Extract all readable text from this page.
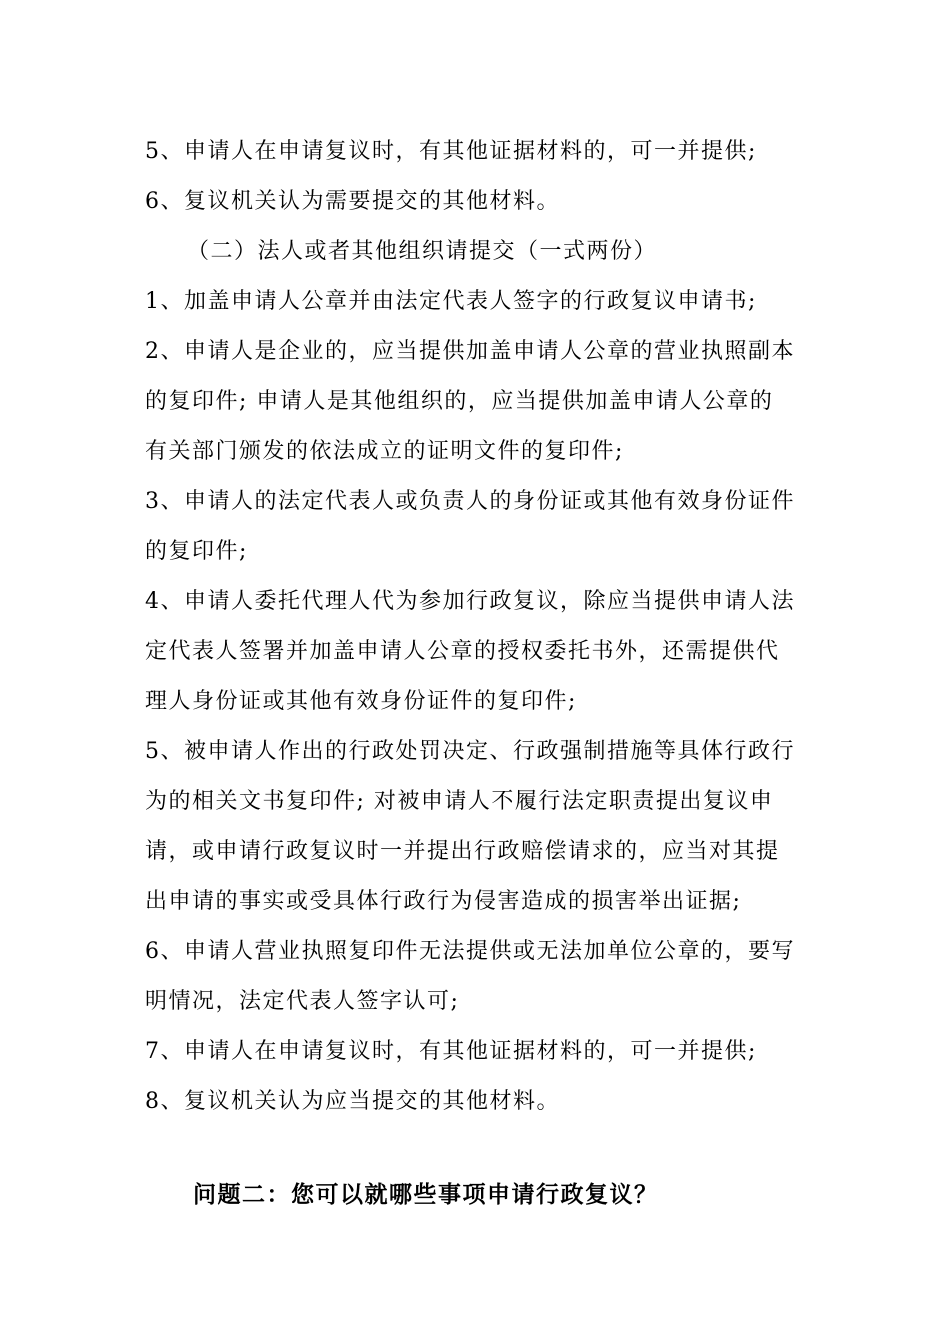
5、申请人在申请复议时，有其他证据材料的，可一并提供;
6、复议机关认为需要提交的其他材料。
（二）法人或者其他组织请提交（一式两份）
1、加盖申请人公章并由法定代表人签字的行政复议申请书;
2、申请人是企业的，应当提供加盖申请人公章的营业执照副本
的复印件; 申请人是其他组织的，应当提供加盖申请人公章的
有关部门颁发的依法成立的证明文件的复印件;
3、申请人的法定代表人或负责人的身份证或其他有效身份证件
的复印件;
4、申请人委托代理人代为参加行政复议，除应当提供申请人法
定代表人签署并加盖申请人公章的授权委托书外，还需提供代
理人身份证或其他有效身份证件的复印件;
5、被申请人作出的行政处罚决定、行政强制措施等具体行政行
为的相关文书复印件; 对被申请人不履行法定职责提出复议申
请，或申请行政复议时一并提出行政赔偿请求的，应当对其提
出申请的事实或受具体行政行为侵害造成的损害举出证据;
6、申请人营业执照复印件无法提供或无法加单位公章的，要写
明情况，法定代表人签字认可;
7、申请人在申请复议时，有其他证据材料的，可一并提供;
8、复议机关认为应当提交的其他材料。
问题二：您可以就哪些事项申请行政复议？
